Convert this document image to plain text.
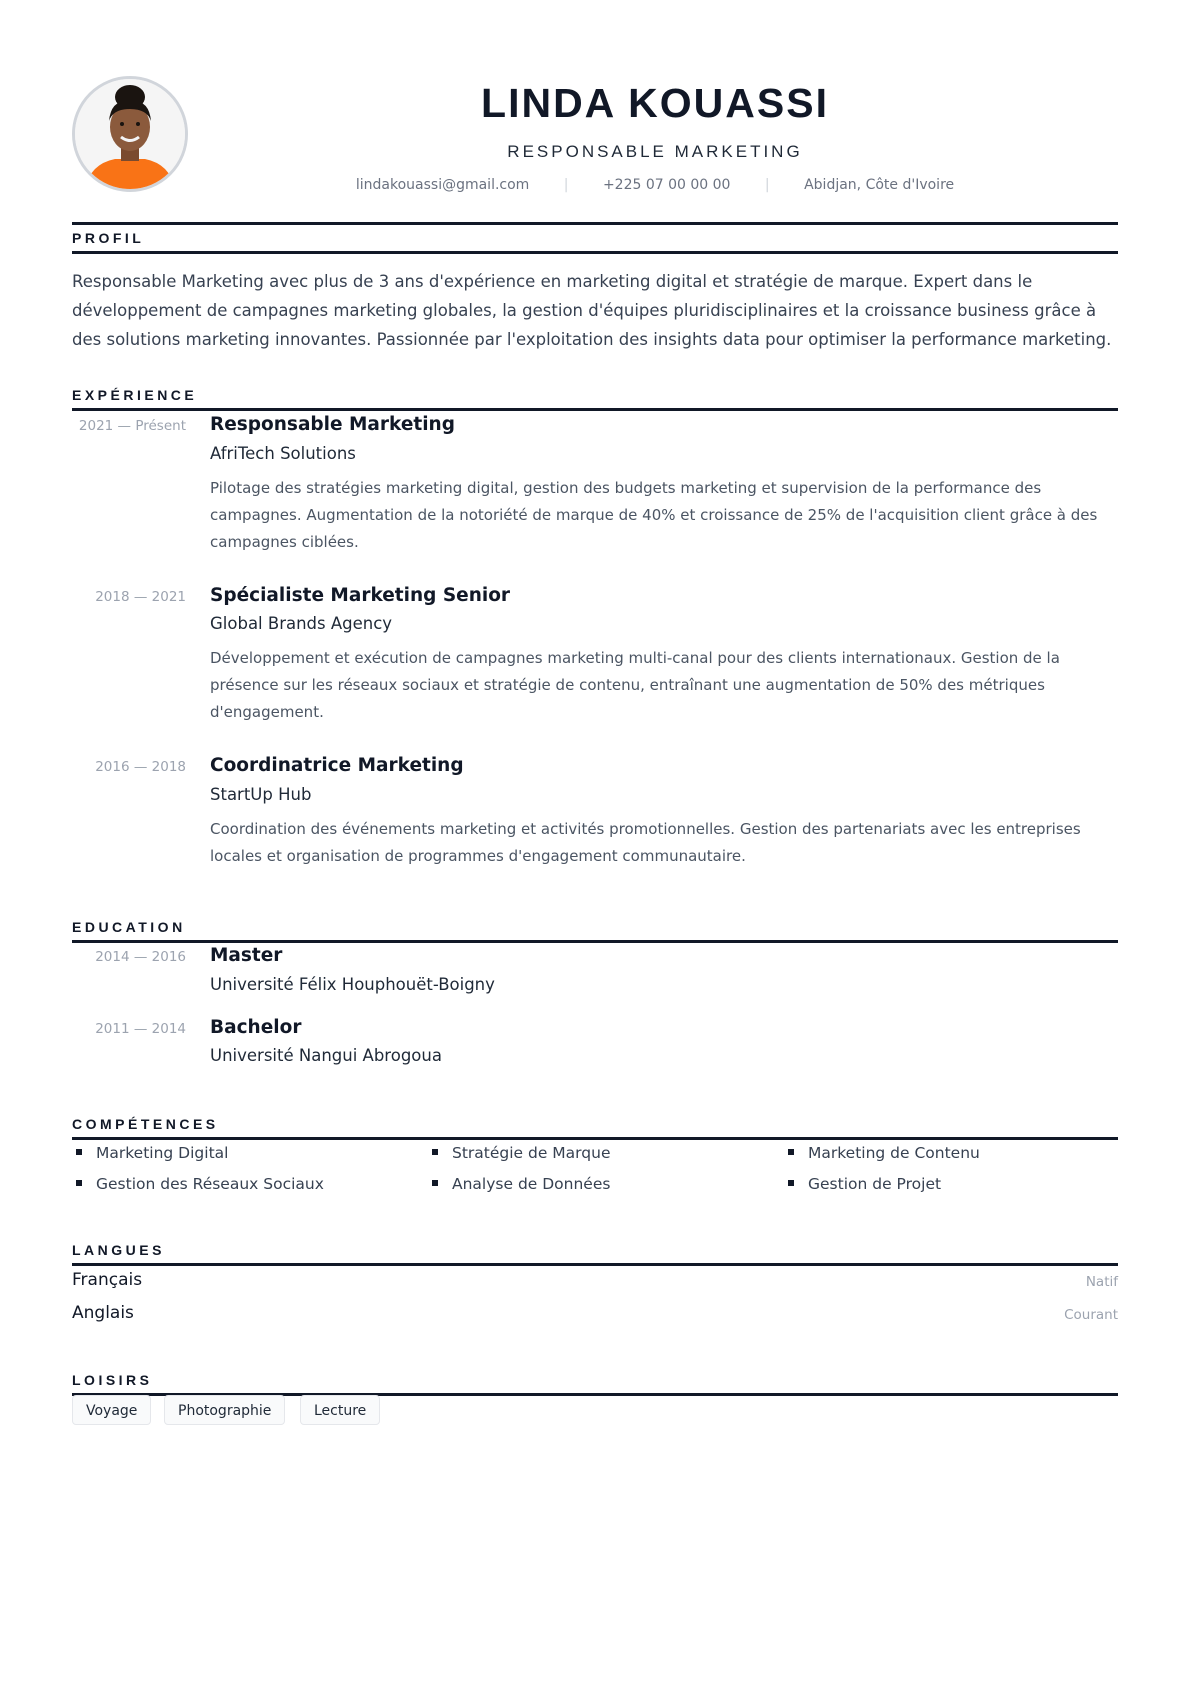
LINDA KOUASSI
RESPONSABLE MARKETING
lindakouassi@gmail.com | +225 07 00 00 00 | Abidjan, Côte d'Ivoire
PROFIL
Responsable Marketing avec plus de 3 ans d'expérience en marketing digital et stratégie de marque. Expert dans le développement de campagnes marketing globales, la gestion d'équipes pluridisciplinaires et la croissance business grâce à des solutions marketing innovantes. Passionnée par l'exploitation des insights data pour optimiser la performance marketing.
EXPÉRIENCE
2021 — Présent Responsable Marketing
AfriTech Solutions
Pilotage des stratégies marketing digital, gestion des budgets marketing et supervision de la performance des campagnes. Augmentation de la notoriété de marque de 40% et croissance de 25% de l'acquisition client grâce à des campagnes ciblées.
2018 — 2021 Spécialiste Marketing Senior
Global Brands Agency
Développement et exécution de campagnes marketing multi-canal pour des clients internationaux. Gestion de la présence sur les réseaux sociaux et stratégie de contenu, entraînant une augmentation de 50% des métriques d'engagement.
2016 — 2018 Coordinatrice Marketing
StartUp Hub
Coordination des événements marketing et activités promotionnelles. Gestion des partenariats avec les entreprises locales et organisation de programmes d'engagement communautaire.
EDUCATION
2014 — 2016 Master
Université Félix Houphouët-Boigny
2011 — 2014 Bachelor
Université Nangui Abrogoua
COMPÉTENCES
Marketing Digital	Stratégie de Marque	Marketing de Contenu
Gestion des Réseaux Sociaux	Analyse de Données	Gestion de Projet
LANGUES
Français	Natif
Anglais	Courant
LOISIRS
Voyage	Photographie	Lecture
